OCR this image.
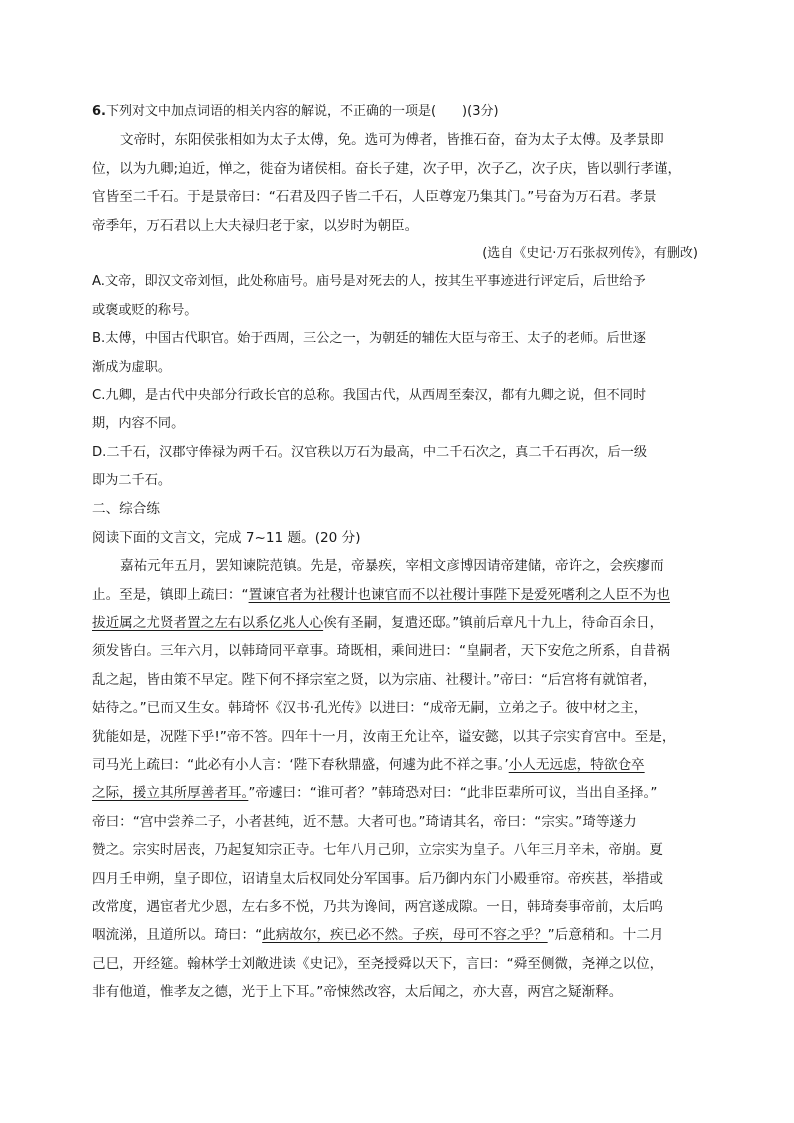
6.下列对文中加点词语的相关内容的解说，不正确的一项是(　　)(3分)
文帝时，东阳侯张相如为太子太傅，免。选可为傅者，皆推石奋，奋为太子太傅。及孝景即
位，以为九卿;迫近，惮之，徙奋为诸侯相。奋长子建，次子甲，次子乙，次子庆，皆以驯行孝谨，
官皆至二千石。于是景帝曰：“石君及四子皆二千石，人臣尊宠乃集其门。”号奋为万石君。孝景
帝季年，万石君以上大夫禄归老于家，以岁时为朝臣。
(选自《史记·万石张叔列传》，有删改)
A.文帝，即汉文帝刘恒，此处称庙号。庙号是对死去的人，按其生平事迹进行评定后，后世给予
或褒或贬的称号。
B.太傅，中国古代职官。始于西周，三公之一，为朝廷的辅佐大臣与帝王、太子的老师。后世逐
渐成为虚职。
C.九卿，是古代中央部分行政长官的总称。我国古代，从西周至秦汉，都有九卿之说，但不同时
期，内容不同。
D.二千石，汉郡守俸禄为两千石。汉官秩以万石为最高，中二千石次之，真二千石再次，后一级
即为二千石。
二、综合练
阅读下面的文言文，完成 7~11 题。(20 分)
嘉祐元年五月，罢知谏院范镇。先是，帝暴疾，宰相文彦博因请帝建储，帝许之，会疾瘳而
止。至是，镇即上疏曰：“置谏官者为社稷计也谏官而不以社稷计事陛下是爱死嗜利之人臣不为也
拔近属之尤贤者置之左右以系亿兆人心俟有圣嗣，复遣还邸。”镇前后章凡十九上，待命百余日，
须发皆白。三年六月，以韩琦同平章事。琦既相，乘间进曰：“皇嗣者，天下安危之所系，自昔祸
乱之起，皆由策不早定。陛下何不择宗室之贤，以为宗庙、社稷计。”帝曰：“后宫将有就馆者，
姑待之。”已而又生女。韩琦怀《汉书·孔光传》以进曰：“成帝无嗣，立弟之子。彼中材之主，
犹能如是，况陛下乎!”帝不答。四年十一月，汝南王允让卒，谥安懿，以其子宗实育宫中。至是，
司马光上疏曰：“此必有小人言：‘陛下春秋鼎盛，何遽为此不祥之事。’小人无远虑，特欲仓卒
之际，援立其所厚善者耳。”帝遽曰：“谁可者？”韩琦恐对曰：“此非臣辈所可议，当出自圣择。”
帝曰：“宫中尝养二子，小者甚纯，近不慧。大者可也。”琦请其名，帝曰：“宗实。”琦等遂力
赞之。宗实时居丧，乃起复知宗正寺。七年八月己卯，立宗实为皇子。八年三月辛未，帝崩。夏
四月壬申朔，皇子即位，诏请皇太后权同处分军国事。后乃御内东门小殿垂帘。帝疾甚，举措或
改常度，遇宦者尤少恩，左右多不悦，乃共为谗间，两宫遂成隙。一日，韩琦奏事帝前，太后呜
咽流涕，且道所以。琦曰：“此病故尔，疾已必不然。子疾，母可不容之乎？”后意稍和。十二月
己巳，开经筵。翰林学士刘敞进读《史记》，至尧授舜以天下，言曰：“舜至侧微，尧禅之以位，
非有他道，惟孝友之德，光于上下耳。”帝悚然改容，太后闻之，亦大喜，两宫之疑渐释。
